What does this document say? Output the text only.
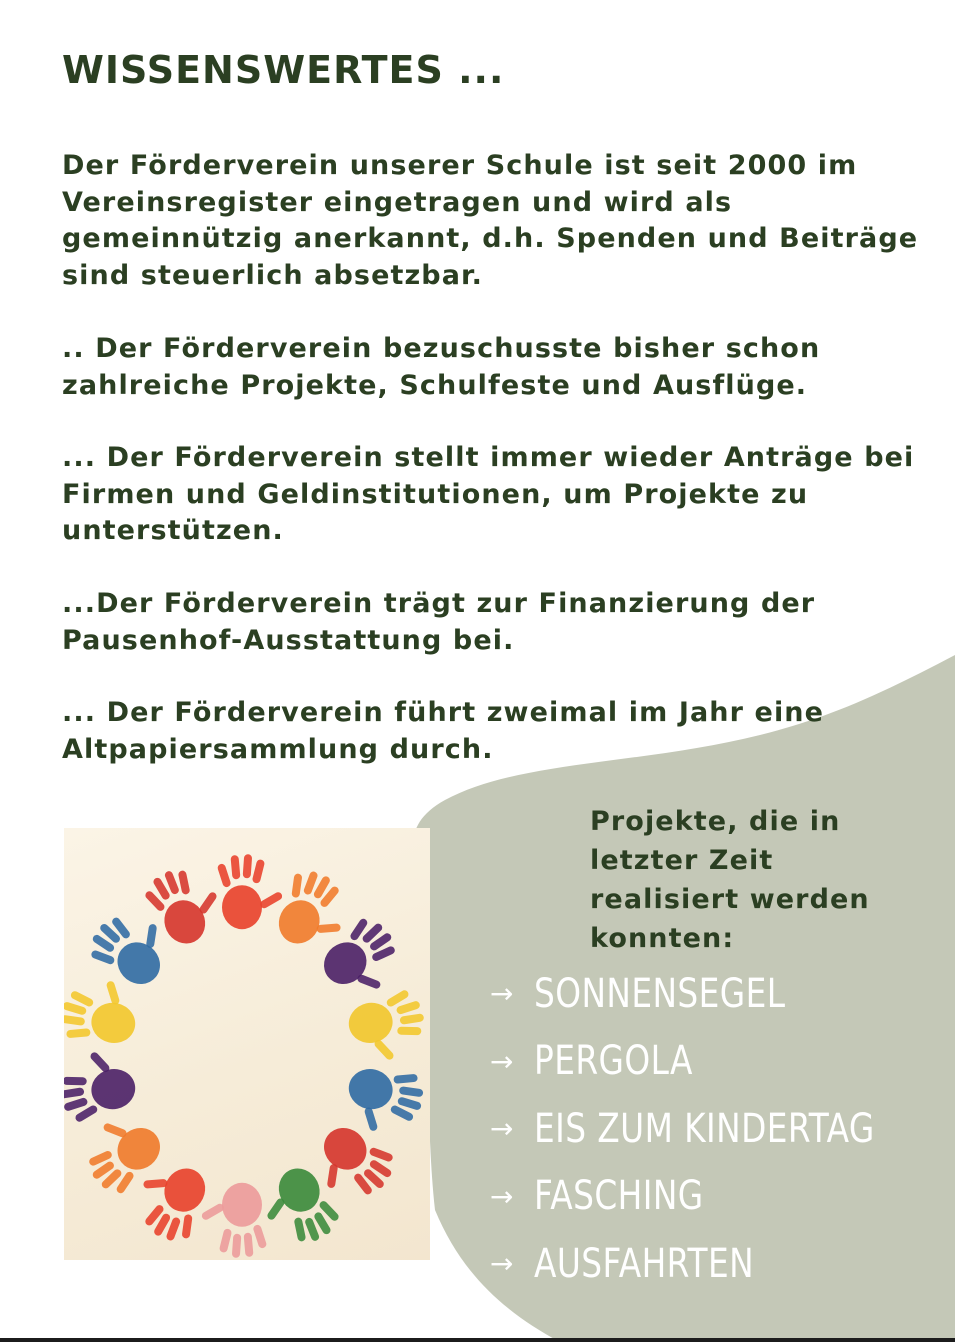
WISSENSWERTES ...

Der Förderverein unserer Schule ist seit 2000 im Vereinsregister eingetragen und wird als gemeinnützig anerkannt, d.h. Spenden und Beiträge sind steuerlich absetzbar.

.. Der Förderverein bezuschusste bisher schon zahlreiche Projekte, Schulfeste und Ausflüge.

... Der Förderverein stellt immer wieder Anträge bei Firmen und Geldinstitutionen, um Projekte zu unterstützen.

...Der Förderverein trägt zur Finanzierung der Pausenhof-Ausstattung bei.

... Der Förderverein führt zweimal im Jahr eine Altpapiersammlung durch.

Projekte, die in letzter Zeit realisiert werden konnten:

→ SONNENSEGEL
→ PERGOLA
→ EIS ZUM KINDERTAG
→ FASCHING
→ AUSFAHRTEN
